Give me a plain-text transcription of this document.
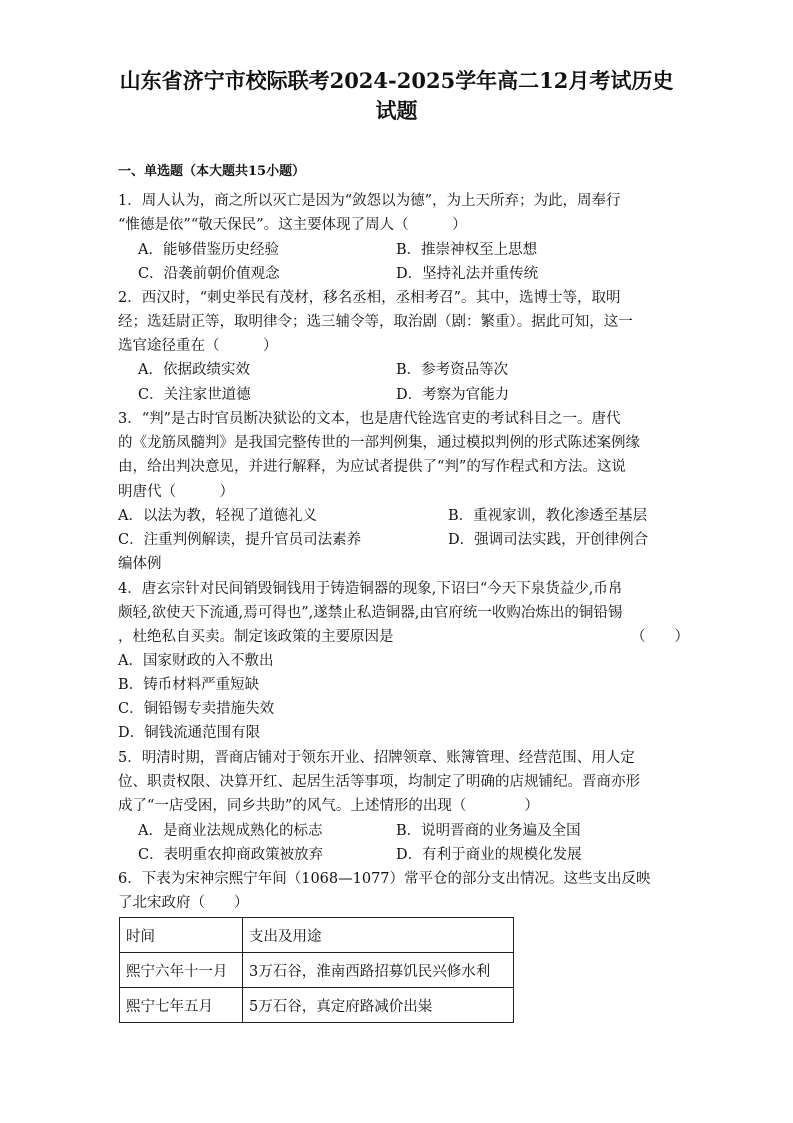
山东省济宁市校际联考2024-2025学年高二12月考试历史
试题
一、单选题（本大题共15小题）
1．周人认为，商之所以灭亡是因为“敛怨以为德”，为上天所弃；为此，周奉行
“惟德是依”“敬天保民”。这主要体现了周人（　　　）
A．能够借鉴历史经验	B．推崇神权至上思想
C．沿袭前朝价值观念	D．坚持礼法并重传统
2．西汉时，“刺史举民有茂材，移名丞相，丞相考召”。其中，选博士等，取明
经；选廷尉正等，取明律令；选三辅令等，取治剧（剧：繁重）。据此可知，这一
选官途径重在（　　　）
A．依据政绩实效	B．参考资品等次
C．关注家世道德	D．考察为官能力
3．“判”是古时官员断决狱讼的文本，也是唐代铨选官吏的考试科目之一。唐代
的《龙筋凤髓判》是我国完整传世的一部判例集，通过模拟判例的形式陈述案例缘
由，给出判决意见，并进行解释，为应试者提供了“判”的写作程式和方法。这说
明唐代（　　　）
A．以法为教，轻视了道德礼义	B．重视家训，教化渗透至基层
C．注重判例解读，提升官员司法素养	D．强调司法实践，开创律例合
编体例
4．唐玄宗针对民间销毁铜钱用于铸造铜器的现象,下诏曰“今天下泉货益少,币帛
颇轻,欲使天下流通,焉可得也”,遂禁止私造铜器,由官府统一收购冶炼出的铜铅锡
，杜绝私自买卖。制定该政策的主要原因是	（　　）
A．国家财政的入不敷出
B．铸币材料严重短缺
C．铜铅锡专卖措施失效
D．铜钱流通范围有限
5．明清时期，晋商店铺对于领东开业、招牌领章、账簿管理、经营范围、用人定
位、职责权限、决算开红、起居生活等事项，均制定了明确的店规铺纪。晋商亦形
成了“一店受困，同乡共助”的风气。上述情形的出现（　　　　）
A．是商业法规成熟化的标志	B．说明晋商的业务遍及全国
C．表明重农抑商政策被放弃	D．有利于商业的规模化发展
6．下表为宋神宗熙宁年间（1068—1077）常平仓的部分支出情况。这些支出反映
了北宋政府（　　）
时间	支出及用途
熙宁六年十一月	3万石谷，淮南西路招募饥民兴修水利
熙宁七年五月	5万石谷，真定府路减价出粜
